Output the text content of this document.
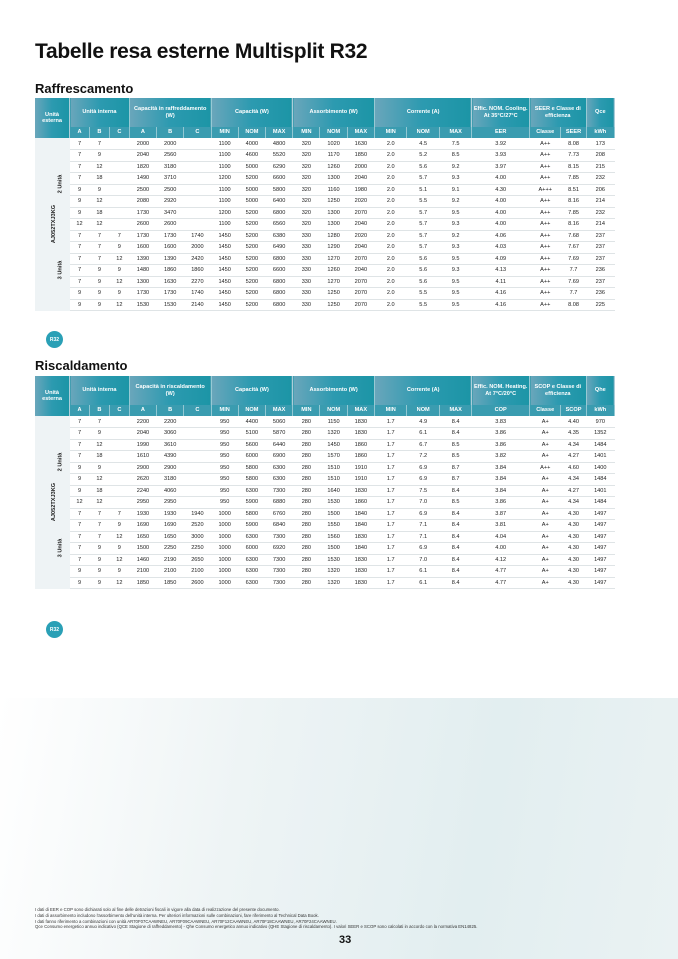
Tabelle resa esterne Multisplit R32
Raffrescamento
Unità esterna		Unità interna			Capacità in raffreddamento (W)			Capacità (W)			Assorbimento (W)			Corrente (A)			Effic. NOM. Cooling. At 35°C/27°C	SEER e Classe di efficienza		Qce
		A	B	C	A	B	C	MIN	NOM	MAX	MIN	NOM	MAX	MIN	NOM	MAX	EER	Classe	SEER	kWh
AJ052TXJ3KG	2 Unità	7	7		2000	2000		1100	4000	4800	320	1020	1630	2.0	4.5	7.5	3.92	A++	8.08	173
		7	9		2040	2560		1100	4600	5520	320	1170	1850	2.0	5.2	8.5	3.93	A++	7.73	208
		7	12		1820	3180		1100	5000	6290	320	1260	2000	2.0	5.6	9.2	3.97	A++	8.15	215
		7	18		1490	3710		1200	5200	6600	320	1300	2040	2.0	5.7	9.3	4.00	A++	7.85	232
		9	9		2500	2500		1100	5000	5800	320	1160	1980	2.0	5.1	9.1	4.30	A+++	8.51	206
		9	12		2080	2920		1100	5000	6400	320	1250	2020	2.0	5.5	9.2	4.00	A++	8.16	214
		9	18		1730	3470		1200	5200	6800	320	1300	2070	2.0	5.7	9.5	4.00	A++	7.85	232
		12	12		2600	2600		1100	5200	6560	320	1300	2040	2.0	5.7	9.3	4.00	A++	8.16	214
	3 Unità	7	7	7	1730	1730	1740	1450	5200	6380	330	1280	2020	2.0	5.7	9.2	4.06	A++	7.68	237
		7	7	9	1600	1600	2000	1450	5200	6490	330	1290	2040	2.0	5.7	9.3	4.03	A++	7.67	237
		7	7	12	1390	1390	2420	1450	5200	6800	330	1270	2070	2.0	5.6	9.5	4.09	A++	7.69	237
		7	9	9	1480	1860	1860	1450	5200	6600	330	1260	2040	2.0	5.6	9.3	4.13	A++	7.7	236
		7	9	12	1300	1630	2270	1450	5200	6800	330	1270	2070	2.0	5.6	9.5	4.11	A++	7.69	237
		9	9	9	1730	1730	1740	1450	5200	6800	330	1250	2070	2.0	5.5	9.5	4.16	A++	7.7	236
		9	9	12	1530	1530	2140	1450	5200	6800	330	1250	2070	2.0	5.5	9.5	4.16	A++	8.08	225
R32
Riscaldamento
Unità esterna		Unità interna			Capacità in riscaldamento (W)			Capacità (W)			Assorbimento (W)			Corrente (A)			Effic. NOM. Heating. At 7°C/20°C	SCOP e Classe di efficienza		Qhe
		A	B	C	A	B	C	MIN	NOM	MAX	MIN	NOM	MAX	MIN	NOM	MAX	COP	Classe	SCOP	kWh
AJ052TXJ3KG	2 Unità	7	7		2200	2200		950	4400	5060	280	1150	1830	1.7	4.9	8.4	3.83	A+	4.40	970
		7	9		2040	3060		950	5100	5870	280	1320	1830	1.7	6.1	8.4	3.86	A+	4.35	1352
		7	12		1990	3610		950	5600	6440	280	1450	1860	1.7	6.7	8.5	3.86	A+	4.34	1484
		7	18		1610	4390		950	6000	6900	280	1570	1860	1.7	7.2	8.5	3.82	A+	4.27	1401
		9	9		2900	2900		950	5800	6300	280	1510	1910	1.7	6.9	8.7	3.84	A++	4.60	1400
		9	12		2620	3180		950	5800	6300	280	1510	1910	1.7	6.9	8.7	3.84	A+	4.34	1484
		9	18		2240	4060		950	6300	7300	280	1640	1830	1.7	7.5	8.4	3.84	A+	4.27	1401
		12	12		2950	2950		950	5900	6880	280	1530	1860	1.7	7.0	8.5	3.86	A+	4.34	1484
	3 Unità	7	7	7	1930	1930	1940	1000	5800	6760	280	1500	1840	1.7	6.9	8.4	3.87	A+	4.30	1497
		7	7	9	1690	1690	2520	1000	5900	6840	280	1550	1840	1.7	7.1	8.4	3.81	A+	4.30	1497
		7	7	12	1650	1650	3000	1000	6300	7300	280	1560	1830	1.7	7.1	8.4	4.04	A+	4.30	1497
		7	9	9	1500	2250	2250	1000	6000	6920	280	1500	1840	1.7	6.9	8.4	4.00	A+	4.30	1497
		7	9	12	1460	2190	2650	1000	6300	7300	280	1530	1830	1.7	7.0	8.4	4.12	A+	4.30	1497
		9	9	9	2100	2100	2100	1000	6300	7300	280	1320	1830	1.7	6.1	8.4	4.77	A+	4.30	1497
		9	9	12	1850	1850	2600	1000	6300	7300	280	1320	1830	1.7	6.1	8.4	4.77	A+	4.30	1497
R32
I dati di EER e COP sono dichiarati solo al fine delle detrazioni fiscali in vigore alla data di realizzazione del presente documento.
I dati di assorbimento includono l'assorbimento dell'unità interna. Per ulteriori informazioni sulle combinazioni, fare riferimento al Technical Data Book.
I dati fanno riferimento a combinazioni con unità AR70F07CAAWNEU, AR70F09CAAWNEU, AR70F12CAAWNEU, AR70F18CAAWNEU, AR70F24CAAWNEU.
Qce Consumo energetico annuo indicativo (QCE Stagione di raffreddamento) - Qhe Consumo energetico annuo indicativo (QHE Stagione di riscaldamento). I valori SEER e SCOP sono calcolati in accordo con la normativa EN14825.
33
